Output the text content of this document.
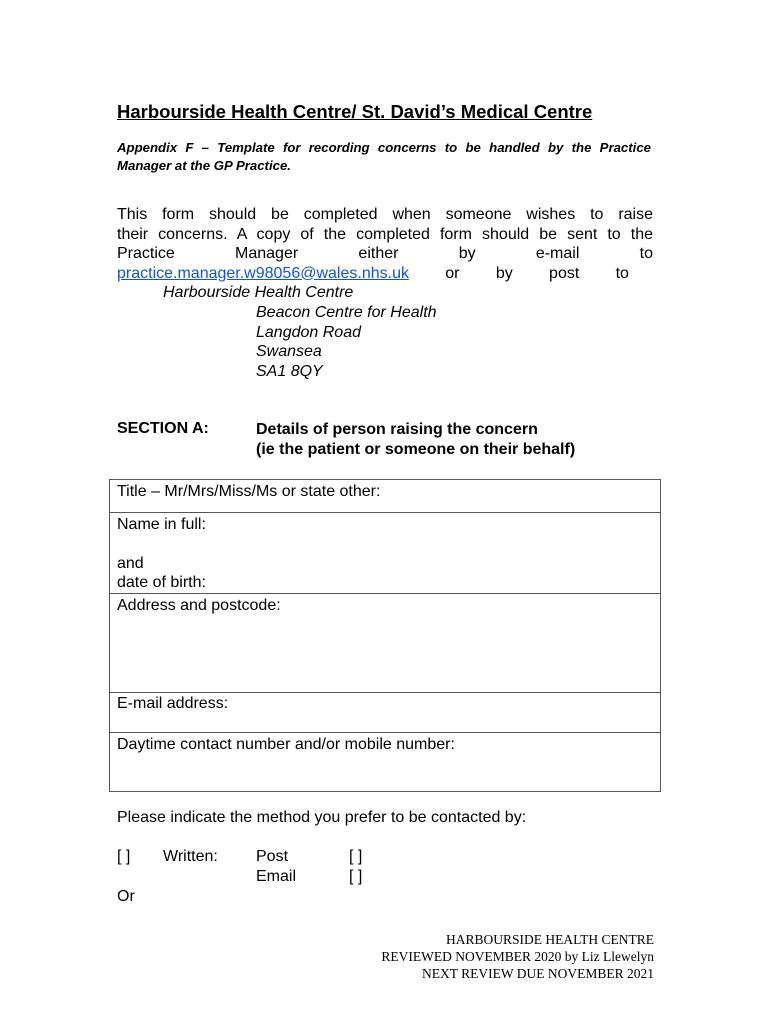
Harbourside Health Centre/ St. David’s Medical Centre
Appendix F – Template for recording concerns to be handled by the Practice Manager at the GP Practice.
This form should be completed when someone wishes to raise
their concerns. A copy of the completed form should be sent to the
Practice	Manager	either	by	e-mail	to
practice.manager.w98056@wales.nhs.uk or by post to
Harbourside Health Centre
Beacon Centre for Health
Langdon Road
Swansea
SA1 8QY
SECTION A:	Details of person raising the concern
(ie the patient or someone on their behalf)
Title – Mr/Mrs/Miss/Ms or state other:

Name in full:
and
date of birth:

Address and postcode:
E-mail address:
Daytime contact number and/or mobile number:
Please indicate the method you prefer to be contacted by:
[ ] Written: Post	[ ]
Email	[ ]
Or
HARBOURSIDE HEALTH CENTRE
REVIEWED NOVEMBER 2020 by Liz Llewelyn
NEXT REVIEW DUE NOVEMBER 2021
